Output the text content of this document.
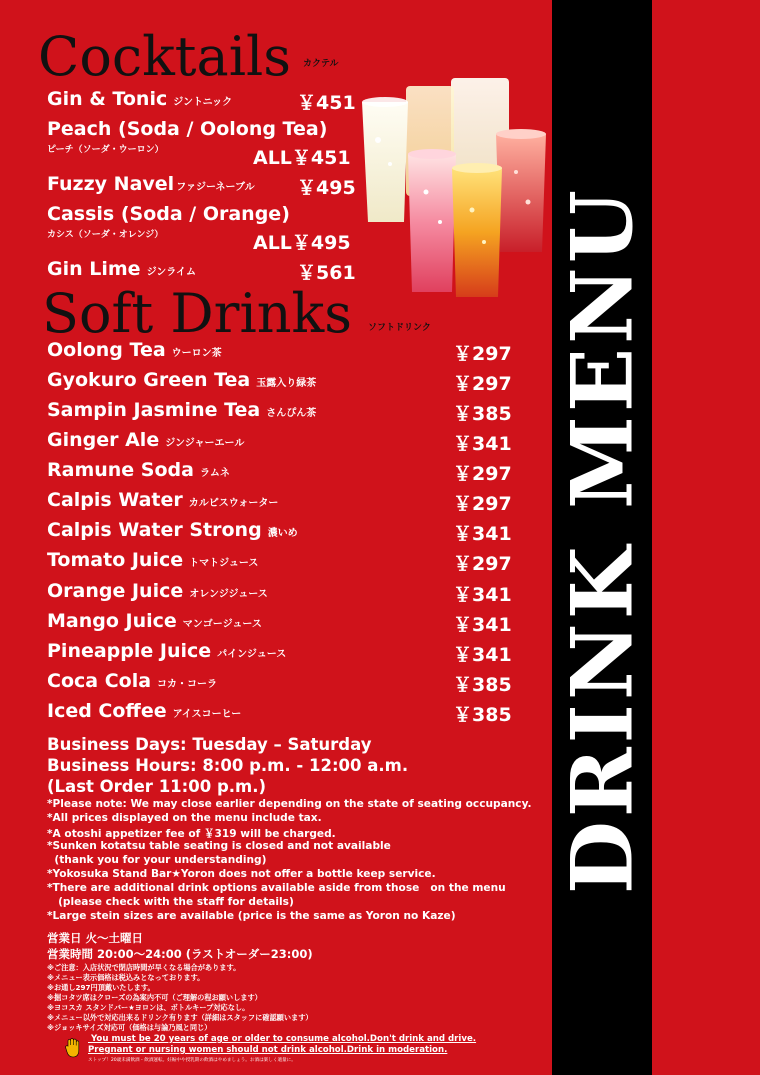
DRINK MENU
Cocktails カクテル
Gin & Tonic ジントニック	￥451
Peach (Soda / Oolong Tea)
ピーチ（ソーダ・ウーロン）	ALL￥451
Fuzzy Navel ファジーネーブル ￥495
Cassis (Soda / Orange)
カシス（ソーダ・オレンジ）	ALL￥495
Gin Lime ジンライム	￥561
Soft Drinks ソフトドリンク
Oolong Tea ウーロン茶	￥297
Gyokuro Green Tea 玉露入り緑茶	￥297
Sampin Jasmine Tea さんぴん茶	￥385
Ginger Ale ジンジャーエール	￥341
Ramune Soda ラムネ	￥297
Calpis Water カルピスウォーター	￥297
Calpis Water Strong 濃いめ	￥341
Tomato Juice トマトジュース	￥297
Orange Juice オレンジジュース	￥341
Mango Juice マンゴージュース	￥341
Pineapple Juice パインジュース	￥341
Coca Cola コカ・コーラ	￥385
Iced Coffee アイスコーヒー	￥385
Business Days: Tuesday – Saturday
Business Hours: 8:00 p.m. - 12:00 a.m.
(Last Order 11:00 p.m.)
*Please note: We may close earlier depending on the state of seating occupancy.
*All prices displayed on the menu include tax.
*A otoshi appetizer fee of ￥319 will be charged.
*Sunken kotatsu table seating is closed and not available
(thank you for your understanding)
*Yokosuka Stand Bar★Yoron does not offer a bottle keep service.
*There are additional drink options available aside from those   on the menu
(please check with the staff for details)
*Large stein sizes are available (price is the same as Yoron no Kaze)
営業日 火～土曜日
営業時間 20:00～24:00 (ラストオーダー23:00)
※ご注意：入店状況で閉店時間が早くなる場合があります。
※メニュー表示価格は税込みとなっております。
※お通し297円頂戴いたします。
※掘コタツ席はクローズの為案内不可（ご理解の程お願いします）
※ヨコスカ スタンドバー★ヨロンは、ボトルキープ対応なし。
※メニュー以外で対応出来るドリンク有ります（詳細はスタッフに確認願います）
※ジョッキサイズ対応可（価格は与論乃風と同じ）
You must be 20 years of age or older to consume alcohol.Don't drink and drive.
Pregnant or nursing women should not drink alcohol.Drink in moderation.
ストップ！20歳未満飲酒・飲酒運転。妊娠中や授乳期の飲酒はやめましょう。お酒は楽しく適量に。
